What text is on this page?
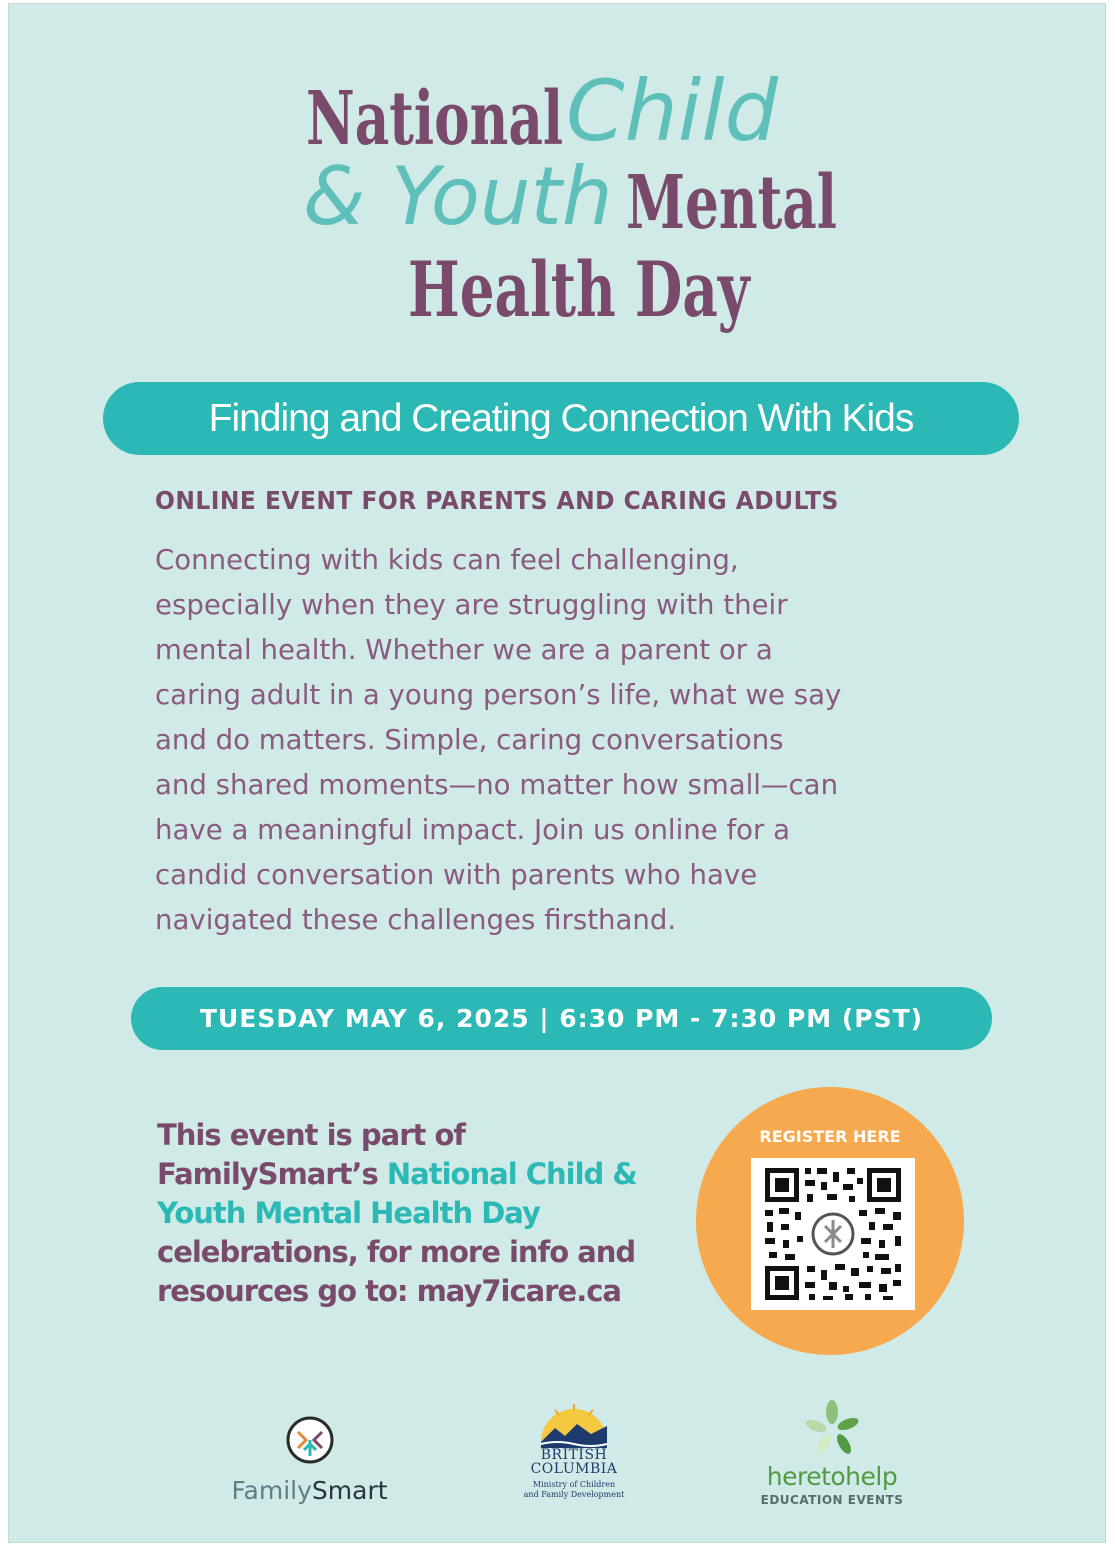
National Child
& Youth Mental
Health Day
Finding and Creating Connection With Kids
ONLINE EVENT FOR PARENTS AND CARING ADULTS
Connecting with kids can feel challenging,
especially when they are struggling with their
mental health. Whether we are a parent or a
caring adult in a young person’s life, what we say
and do matters. Simple, caring conversations
and shared moments—no matter how small—can
have a meaningful impact. Join us online for a
candid conversation with parents who have
navigated these challenges firsthand.
TUESDAY MAY 6, 2025 | 6:30 PM - 7:30 PM (PST)
This event is part of FamilySmart’s National Child & Youth Mental Health Day celebrations, for more info and resources go to: may7icare.ca
REGISTER HERE
FamilySmart
BRITISH
COLUMBIA
Ministry of Children
and Family Development
heretohelp
EDUCATION EVENTS
